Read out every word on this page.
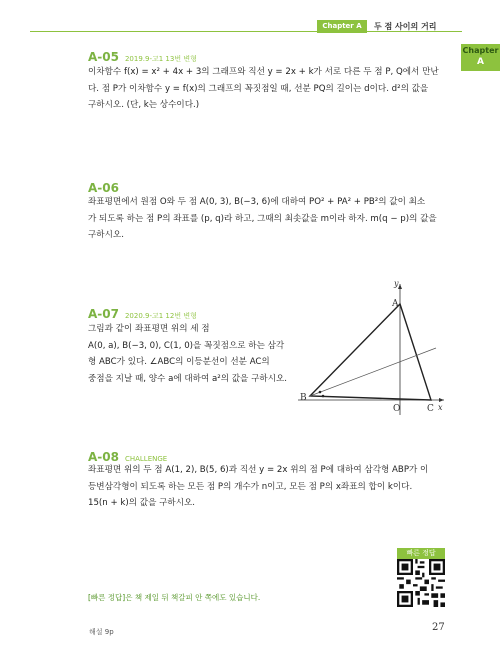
Chapter A	두 점 사이의 거리
Chapter
A
A-05 2019.9-고1 13번 변형
이차함수 f(x) = x² + 4x + 3의 그래프와 직선 y = 2x + k가 서로 다른 두 점 P, Q에서 만난
다. 점 P가 이차함수 y = f(x)의 그래프의 꼭짓점일 때, 선분 PQ의 길이는 d이다. d²의 값을
구하시오. (단, k는 상수이다.)
A-06
좌표평면에서 원점 O와 두 점 A(0, 3), B(−3, 6)에 대하여 PO² + PA² + PB²의 값이 최소
가 되도록 하는 점 P의 좌표를 (p, q)라 하고, 그때의 최솟값을 m이라 하자. m(q − p)의 값을
구하시오.
A-07 2020.9-고1 12번 변형
그림과 같이 좌표평면 위의 세 점
A(0, a), B(−3, 0), C(1, 0)을 꼭짓점으로 하는 삼각
형 ABC가 있다. ∠ABC의 이등분선이 선분 AC의
중점을 지날 때, 양수 a에 대하여 a²의 값을 구하시오.
y
A
B
O	C x
A-08 CHALLENGE
좌표평면 위의 두 점 A(1, 2), B(5, 6)과 직선 y = 2x 위의 점 P에 대하여 삼각형 ABP가 이
등변삼각형이 되도록 하는 모든 점 P의 개수가 n이고, 모든 점 P의 x좌표의 합이 k이다.
15(n + k)의 값을 구하시오.
빠른 정답
[빠른 정답]은 책 제일 뒤 책갈피 안 쪽에도 있습니다.
해설 9p	27
